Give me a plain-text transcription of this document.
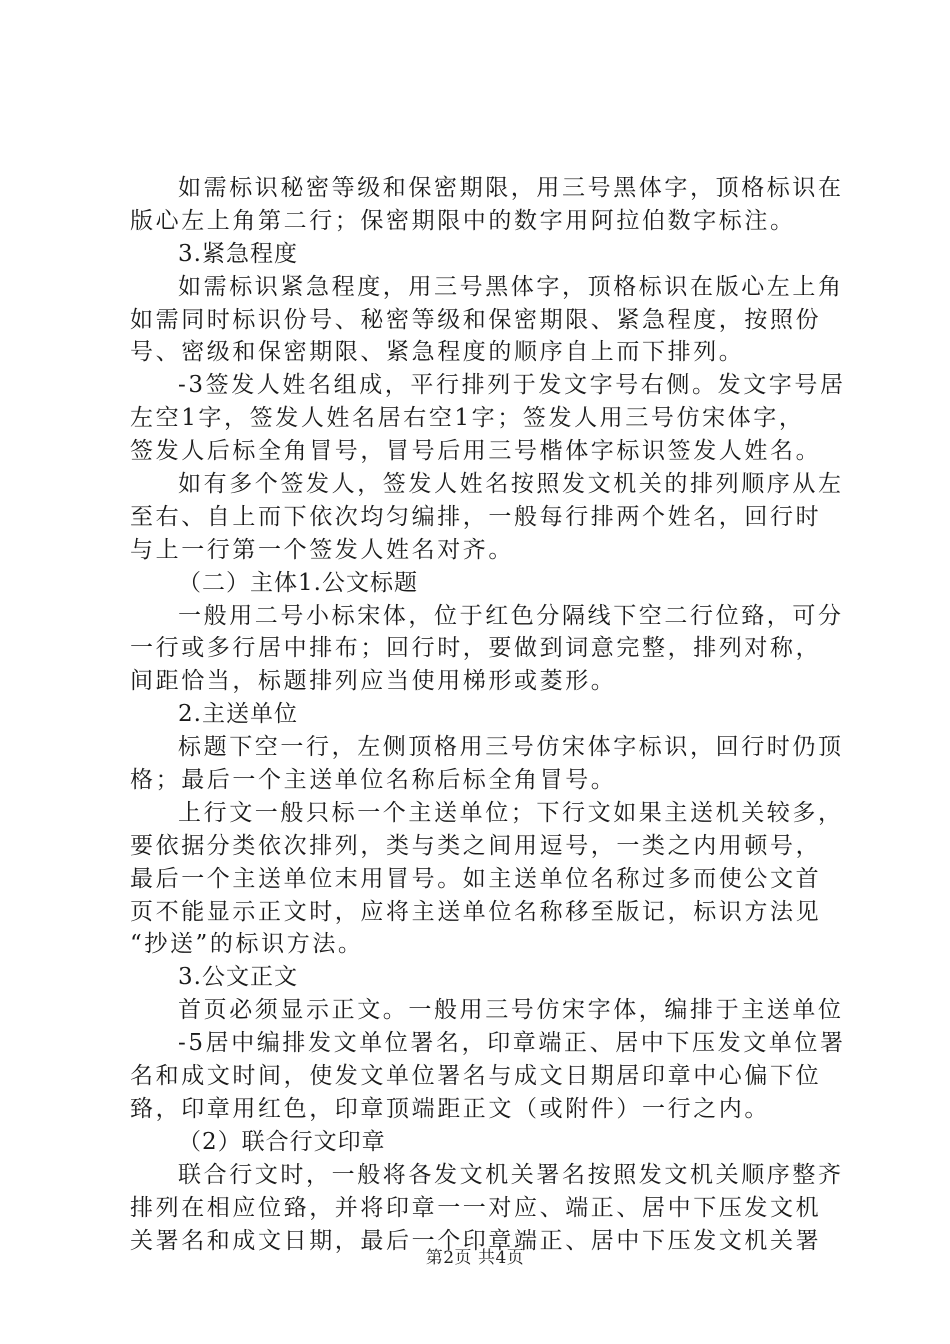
如需标识秘密等级和保密期限，用三号黑体字，顶格标识在
版心左上角第二行；保密期限中的数字用阿拉伯数字标注。
3.紧急程度
如需标识紧急程度，用三号黑体字，顶格标识在版心左上角
如需同时标识份号、秘密等级和保密期限、紧急程度，按照份
号、密级和保密期限、紧急程度的顺序自上而下排列。
-3签发人姓名组成，平行排列于发文字号右侧。发文字号居
左空1字，签发人姓名居右空1字；签发人用三号仿宋体字，
签发人后标全角冒号，冒号后用三号楷体字标识签发人姓名。
如有多个签发人，签发人姓名按照发文机关的排列顺序从左
至右、自上而下依次均匀编排，一般每行排两个姓名，回行时
与上一行第一个签发人姓名对齐。
（二）主体1.公文标题
一般用二号小标宋体，位于红色分隔线下空二行位臵，可分
一行或多行居中排布；回行时，要做到词意完整，排列对称，
间距恰当，标题排列应当使用梯形或菱形。
2.主送单位
标题下空一行，左侧顶格用三号仿宋体字标识，回行时仍顶
格；最后一个主送单位名称后标全角冒号。
上行文一般只标一个主送单位；下行文如果主送机关较多，
要依据分类依次排列，类与类之间用逗号，一类之内用顿号，
最后一个主送单位末用冒号。如主送单位名称过多而使公文首
页不能显示正文时，应将主送单位名称移至版记，标识方法见
“抄送”的标识方法。
3.公文正文
首页必须显示正文。一般用三号仿宋字体，编排于主送单位
-5居中编排发文单位署名，印章端正、居中下压发文单位署
名和成文时间，使发文单位署名与成文日期居印章中心偏下位
臵，印章用红色，印章顶端距正文（或附件）一行之内。
（2）联合行文印章
联合行文时，一般将各发文机关署名按照发文机关顺序整齐
排列在相应位臵，并将印章一一对应、端正、居中下压发文机
关署名和成文日期，最后一个印章端正、居中下压发文机关署
第2页 共4页
